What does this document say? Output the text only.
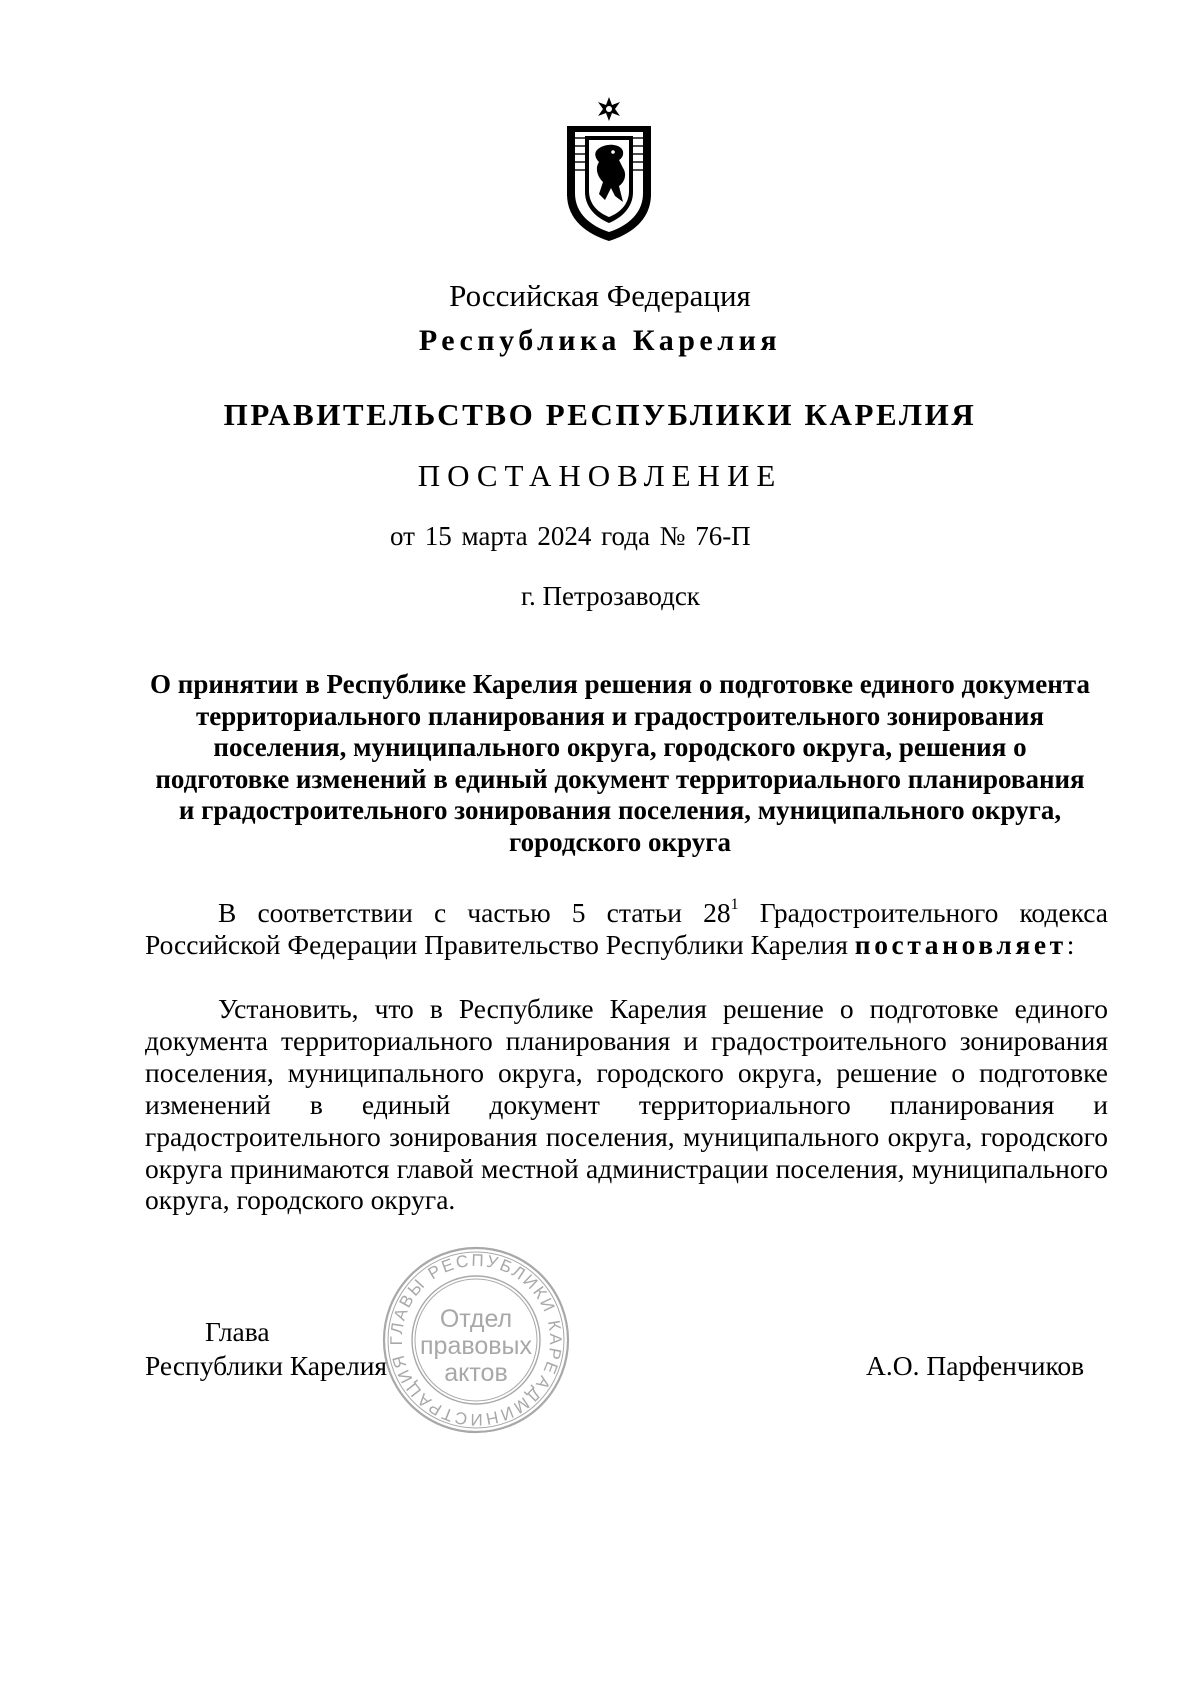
Российская Федерация
Республика Карелия
ПРАВИТЕЛЬСТВО РЕСПУБЛИКИ КАРЕЛИЯ
ПОСТАНОВЛЕНИЕ
от 15 марта 2024 года № 76-П
г. Петрозаводск
О принятии в Республике Карелия решения о подготовке единого документа территориального планирования и градостроительного зонирования поселения, муниципального округа, городского округа, решения о подготовке изменений в единый документ территориального планирования и градостроительного зонирования поселения, муниципального округа, городского округа
В соответствии с частью 5 статьи $28^1$ Градостроительного кодекса Российской Федерации Правительство Республики Карелия постановляет:
Установить, что в Республике Карелия решение о подготовке единого документа территориального планирования и градостроительного зонирования поселения, муниципального округа, городского округа, решение о подготовке изменений в единый документ территориального планирования и градостроительного зонирования поселения, муниципального округа, городского округа принимаются главой местной администрации поселения, муниципального округа, городского округа.
Глава
Республики Карелия	А.О. Парфенчиков
АДМИНИСТРАЦИЯ ГЛАВЫ РЕСПУБЛИКИ КАРЕЛИЯ
Отдел
правовых
актов
